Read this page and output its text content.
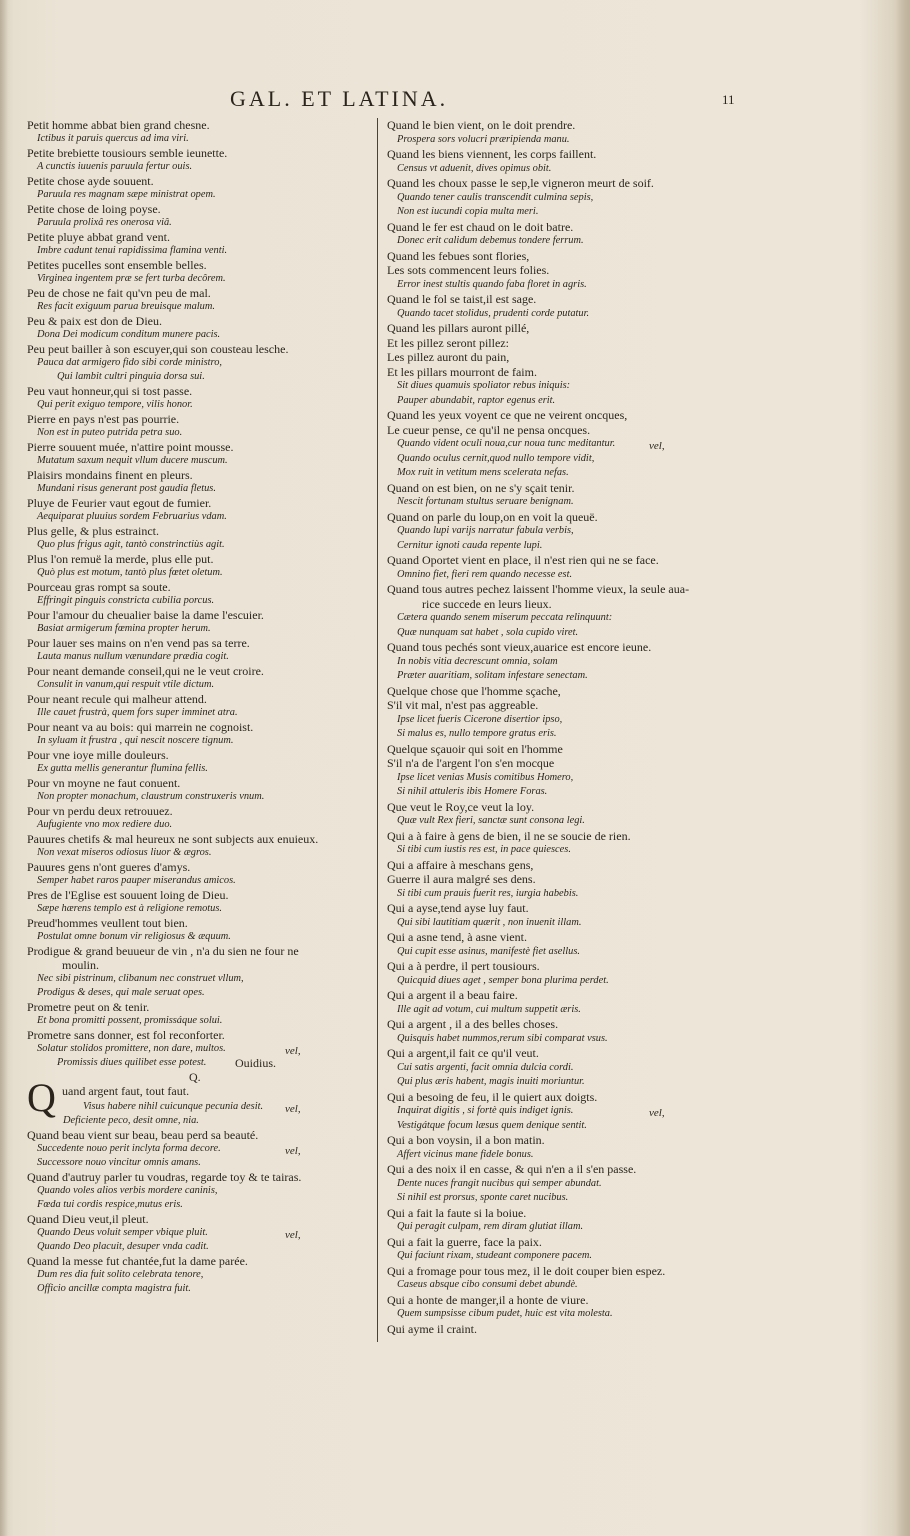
GAL. ET LATINA.	11
Petit homme abbat bien grand chesne.
Ictibus it paruis quercus ad ima viri.
Petite brebiette tousiours semble ieunette.
A cunctis iuuenis paruula fertur ouis.
Petite chose ayde souuent.
Paruula res magnam sæpe ministrat opem.
Petite chose de loing poyse.
Paruula prolixâ res onerosa viâ.
Petite pluye abbat grand vent.
Imbre cadunt tenui rapidissima flamina venti.
Petites pucelles sont ensemble belles.
Virginea ingentem præ se fert turba decôrem.
Peu de chose ne fait qu'vn peu de mal.
Res facit exiguum parua breuisque malum.
Peu & paix est don de Dieu.
Dona Dei modicum conditum munere pacis.
Peu peut bailler à son escuyer,qui son cousteau lesche.
Pauca dat armigero fido sibi corde ministro,
Qui lambit cultri pinguia dorsa sui.
Peu vaut honneur,qui si tost passe.
Qui perit exiguo tempore, vilis honor.
Pierre en pays n'est pas pourrie.
Non est in puteo putrida petra suo.
Pierre souuent muée, n'attire point mousse.
Mutatum saxum nequit vllum ducere muscum.
Plaisirs mondains finent en pleurs.
Mundani risus generant post gaudia fletus.
Pluye de Feurier vaut egout de fumier.
Aequiparat pluuius sordem Februarius vdam.
Plus gelle, & plus estrainct.
Quo plus frigus agit, tantò constrinctiùs agit.
Plus l'on remuë la merde, plus elle put.
Quò plus est motum, tantò plus fœtet oletum.
Pourceau gras rompt sa soute.
Effringit pinguis constricta cubilia porcus.
Pour l'amour du cheualier baise la dame l'escuier.
Basiat armigerum fœmina propter herum.
Pour lauer ses mains on n'en vend pas sa terre.
Lauta manus nullum vænundare prædia cogit.
Pour neant demande conseil,qui ne le veut croire.
Consulit in vanum,qui respuit vtile dictum.
Pour neant recule qui malheur attend.
Ille cauet frustrà, quem fors super imminet atra.
Pour neant va au bois: qui marrein ne cognoist.
In syluam it frustra , qui nescit noscere tignum.
Pour vne ioye mille douleurs.
Ex gutta mellis generantur flumina fellis.
Pour vn moyne ne faut conuent.
Non propter monachum, claustrum construxeris vnum.
Pour vn perdu deux retrouuez.
Aufugiente vno mox rediere duo.
Pauures chetifs & mal heureux ne sont subjects aux enuieux.
Non vexat miseros odiosus liuor & ægros.
Pauures gens n'ont gueres d'amys.
Semper habet raros pauper miserandus amicos.
Pres de l'Eglise est souuent loing de Dieu.
Sæpe hærens templo est à religione remotus.
Preud'hommes veullent tout bien.
Postulat omne bonum vir religiosus & æquum.
Prodigue & grand beuueur de vin , n'a du sien ne four ne
moulin.
Nec sibi pistrinum, clibanum nec construet vllum,
Prodigus & deses, qui male seruat opes.
Prometre peut on & tenir.
Et bona promitti possent, promissáque solui.
Prometre sans donner, est fol reconforter.
Solatur stolidos promittere, non dare, multos.	vel,
Promissis diues quilibet esse potest.	Ouidius.
Q.
Q uand argent faut, tout faut.
Visus habere nihil cuicunque pecunia desit. vel,
Deficiente peco, desit omne, nia.
Quand beau vient sur beau, beau perd sa beauté.
Succedente nouo perit inclyta forma decore.	vel,
Successore nouo vincitur omnis amans.
Quand d'autruy parler tu voudras, regarde toy & te tairas.
Quando voles alios verbis mordere caninis,
Fœda tui cordis respice,mutus eris.
Quand Dieu veut,il pleut.
Quando Deus voluit semper vbique pluit.	vel,
Quando Deo placuit, desuper vnda cadit.
Quand la messe fut chantée,fut la dame parée.
Dum res dia fuit solito celebrata tenore,
Officio ancillæ compta magistra fuit.
Quand le bien vient, on le doit prendre.
Prospera sors volucri præripienda manu.
Quand les biens viennent, les corps faillent.
Census vt aduenit, dives opimus obit.
Quand les choux passe le sep,le vigneron meurt de soif.
Quando tener caulis transcendit culmina sepis,
Non est iucundi copia multa meri.
Quand le fer est chaud on le doit batre.
Donec erit calidum debemus tondere ferrum.
Quand les febues sont flories,
Les sots commencent leurs folies.
Error inest stultis quando faba floret in agris.
Quand le fol se taist,il est sage.
Quando tacet stolidus, prudenti corde putatur.
Quand les pillars auront pillé,
Et les pillez seront pillez:
Les pillez auront du pain,
Et les pillars mourront de faim.
Sit diues quamuis spoliator rebus iniquis:
Pauper abundabit, raptor egenus erit.
Quand les yeux voyent ce que ne veirent oncques,
Le cueur pense, ce qu'il ne pensa oncques.
Quando vident oculi noua,cur noua tunc meditantur.	vel,
Quando oculus cernit,quod nullo tempore vidit,
Mox ruit in vetitum mens scelerata nefas.
Quand on est bien, on ne s'y sçait tenir.
Nescit fortunam stultus seruare benignam.
Quand on parle du loup,on en voit la queuë.
Quando lupi varijs narratur fabula verbis,
Cernitur ignoti cauda repente lupi.
Quand Oportet vient en place, il n'est rien qui ne se face.
Omnino fiet, fieri rem quando necesse est.
Quand tous autres pechez laissent l'homme vieux, la seule aua-
rice succede en leurs lieux.
Cætera quando senem miserum peccata relinquunt:
Quæ nunquam sat habet , sola cupido viret.
Quand tous pechés sont vieux,auarice est encore ieune.
In nobis vitia decrescunt omnia, solam
Præter auaritiam, solitam infestare senectam.
Quelque chose que l'homme sçache,
S'il vit mal, n'est pas aggreable.
Ipse licet fueris Cicerone disertior ipso,
Si malus es, nullo tempore gratus eris.
Quelque sçauoir qui soit en l'homme
S'il n'a de l'argent l'on s'en mocque
Ipse licet venias Musis comitibus Homero,
Si nihil attuleris ibis Homere Foras.
Que veut le Roy,ce veut la loy.
Quæ vult Rex fieri, sanctæ sunt consona legi.
Qui a à faire à gens de bien, il ne se soucie de rien.
Si tibi cum iustis res est, in pace quiesces.
Qui a affaire à meschans gens,
Guerre il aura malgré ses dens.
Si tibi cum prauis fuerit res, iurgia habebis.
Qui a ayse,tend ayse luy faut.
Qui sibi lautitiam quærit , non inuenit illam.
Qui a asne tend, à asne vient.
Qui cupit esse asinus, manifestè fiet asellus.
Qui a à perdre, il pert tousiours.
Quicquid diues aget , semper bona plurima perdet.
Qui a argent il a beau faire.
Ille agit ad votum, cui multum suppetit æris.
Qui a argent , il a des belles choses.
Quisquis habet nummos,rerum sibi comparat vsus.
Qui a argent,il fait ce qu'il veut.
Cui satis argenti, facit omnia dulcia cordi.
Qui plus æris habent, magis inuiti moriuntur.
Qui a besoing de feu, il le quiert aux doigts.
Inquirat digitis , si fortè quis indiget ignis.	vel,
Vestigátque focum læsus quem denique sentit.
Qui a bon voysin, il a bon matin.
Affert vicinus mane fidele bonus.
Qui a des noix il en casse, & qui n'en a il s'en passe.
Dente nuces frangit nucibus qui semper abundat.
Si nihil est prorsus, sponte caret nucibus.
Qui a fait la faute si la boiue.
Qui peragit culpam, rem diram glutiat illam.
Qui a fait la guerre, face la paix.
Qui faciunt rixam, studeant componere pacem.
Qui a fromage pour tous mez, il le doit couper bien espez.
Caseus absque cibo consumi debet abundè.
Qui a honte de manger,il a honte de viure.
Quem sumpsisse cibum pudet, huic est vita molesta.
Qui ayme il craint.
